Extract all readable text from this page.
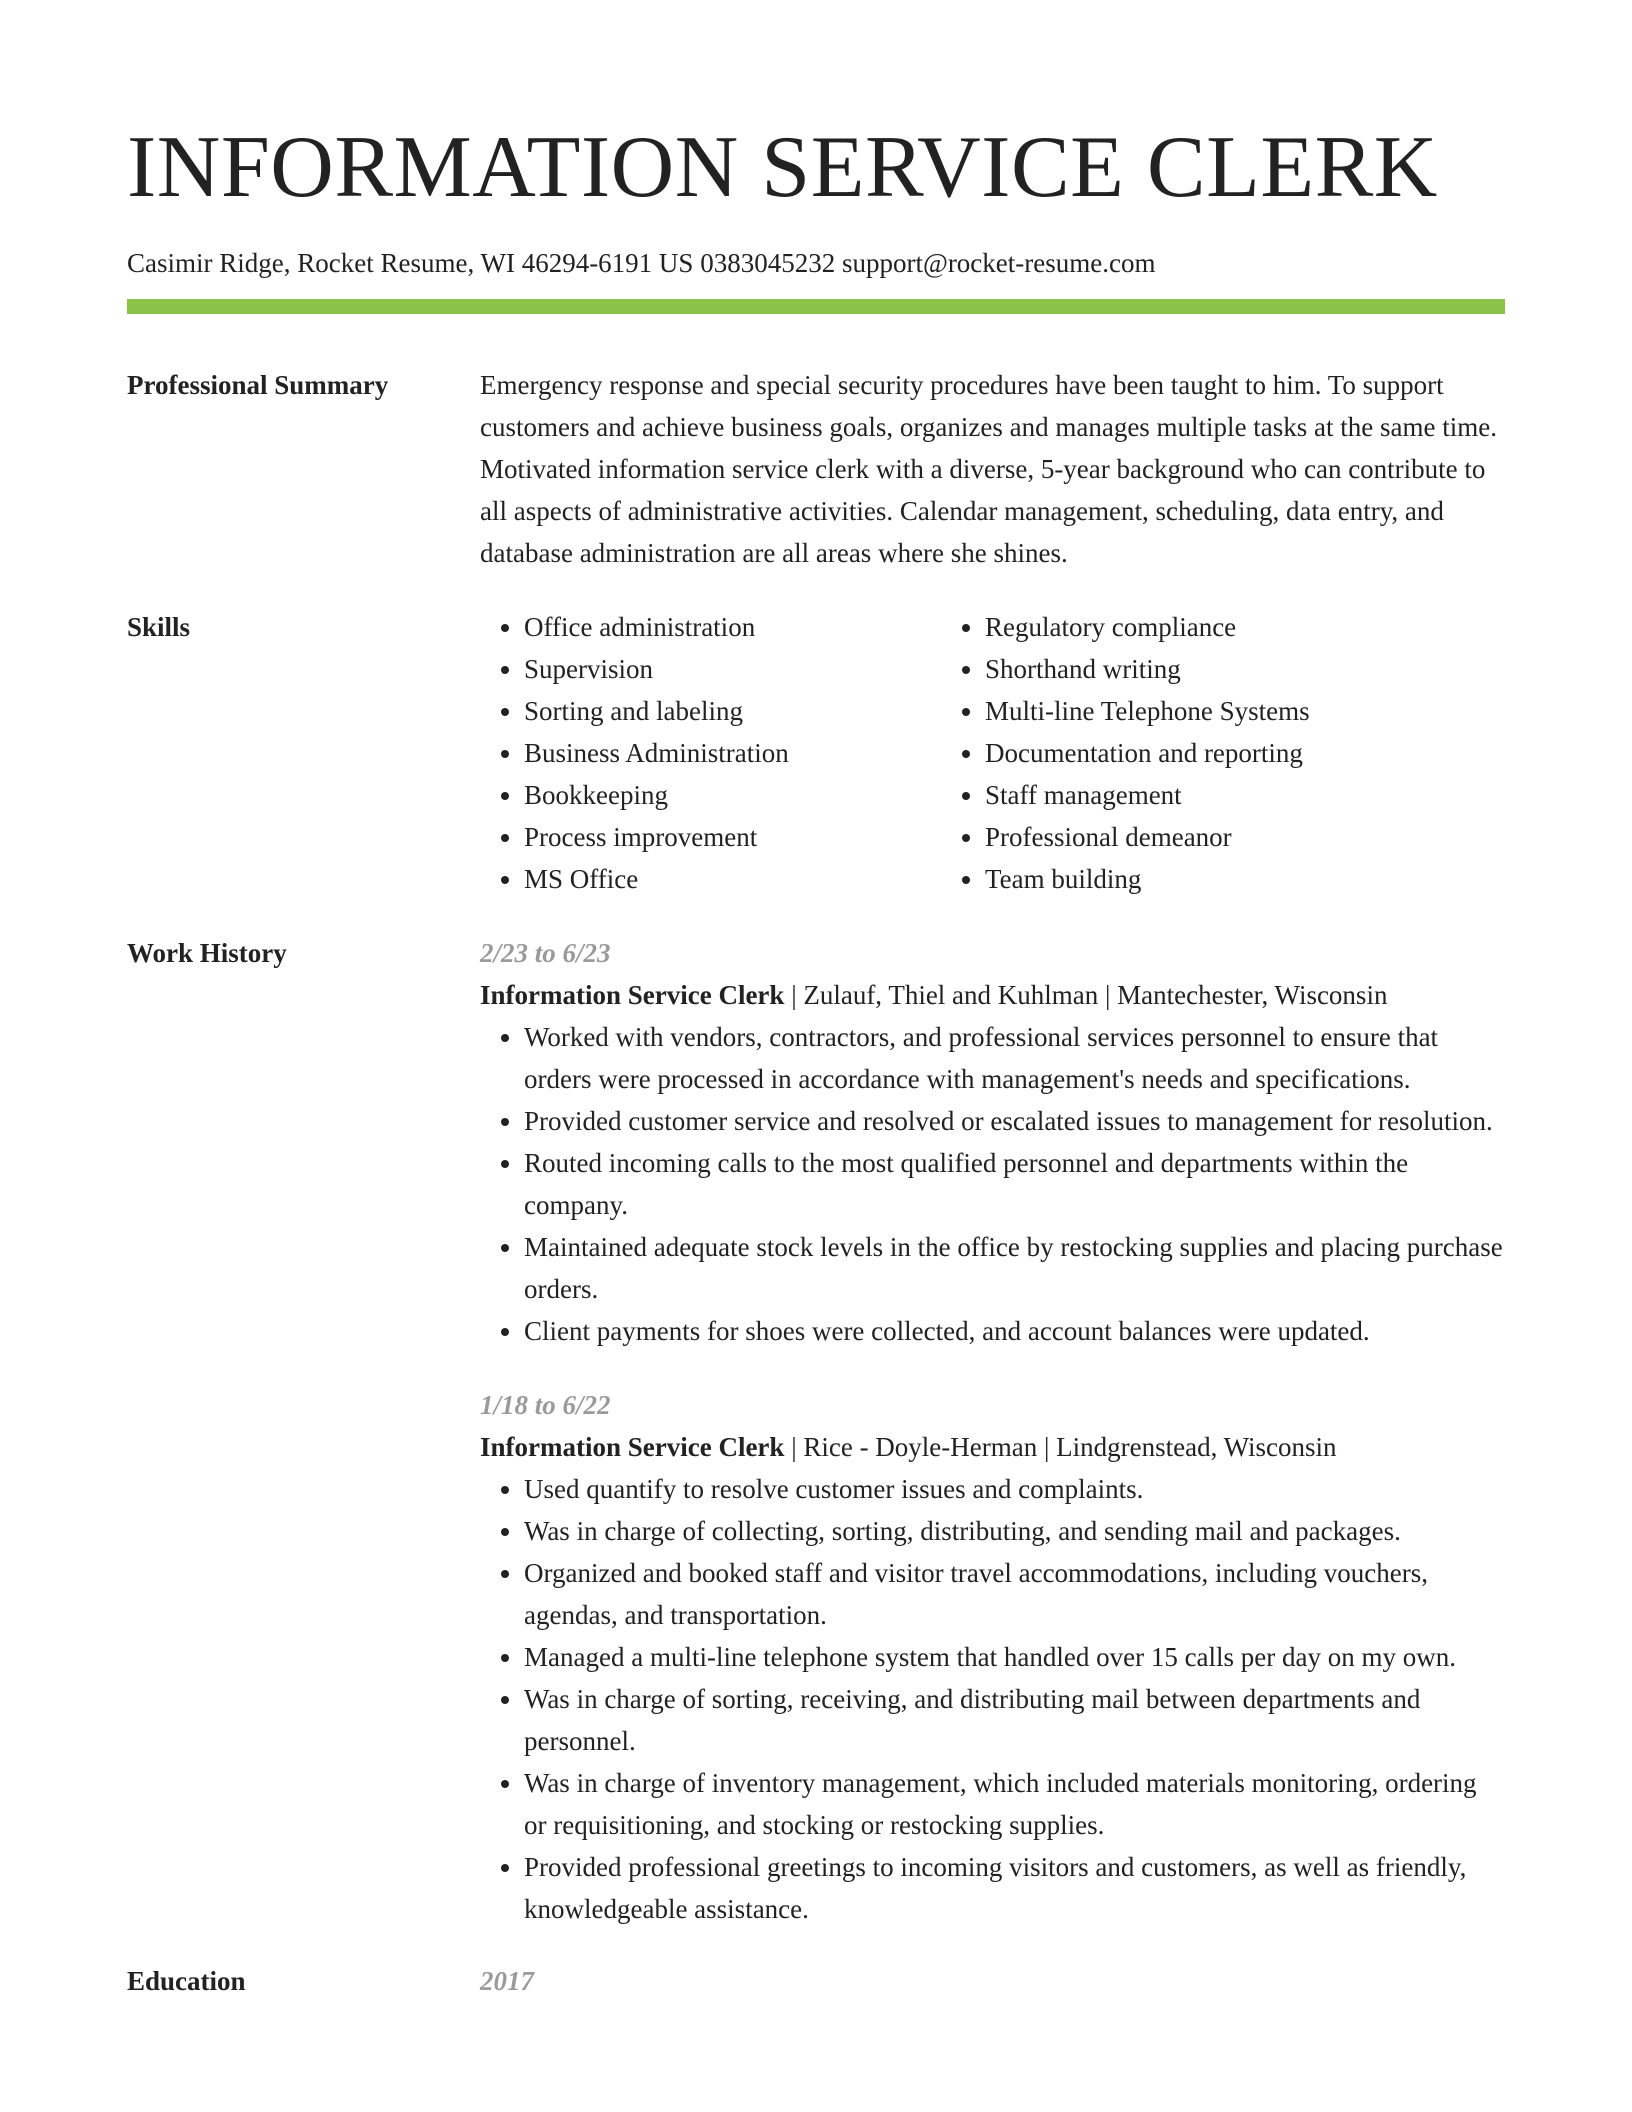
INFORMATION SERVICE CLERK
Casimir Ridge, Rocket Resume, WI 46294-6191 US 0383045232 support@rocket-resume.com
Professional Summary	Emergency response and special security procedures have been taught to him. To support customers and achieve business goals, organizes and manages multiple tasks at the same time. Motivated information service clerk with a diverse, 5-year background who can contribute to all aspects of administrative activities. Calendar management, scheduling, data entry, and database administration are all areas where she shines.
Skills
•	Office administration
• Supervision
• Sorting and labeling
• Business Administration
• Bookkeeping
• Process improvement
• MS Office
• Regulatory compliance
• Shorthand writing
• Multi-line Telephone Systems
• Documentation and reporting
• Staff management
• Professional demeanor
• Team building
Work History	2/23 to 6/23
Information Service Clerk | Zulauf, Thiel and Kuhlman | Mantechester, Wisconsin
• Worked with vendors, contractors, and professional services personnel to ensure that orders were processed in accordance with management's needs and specifications.
• Provided customer service and resolved or escalated issues to management for resolution.
• Routed incoming calls to the most qualified personnel and departments within the company.
• Maintained adequate stock levels in the office by restocking supplies and placing purchase orders.
• Client payments for shoes were collected, and account balances were updated.
1/18 to 6/22
Information Service Clerk | Rice - Doyle-Herman | Lindgrenstead, Wisconsin
• Used quantify to resolve customer issues and complaints.
• Was in charge of collecting, sorting, distributing, and sending mail and packages.
• Organized and booked staff and visitor travel accommodations, including vouchers, agendas, and transportation.
• Managed a multi-line telephone system that handled over 15 calls per day on my own.
• Was in charge of sorting, receiving, and distributing mail between departments and personnel.
• Was in charge of inventory management, which included materials monitoring, ordering or requisitioning, and stocking or restocking supplies.
• Provided professional greetings to incoming visitors and customers, as well as friendly, knowledgeable assistance.
Education	2017
